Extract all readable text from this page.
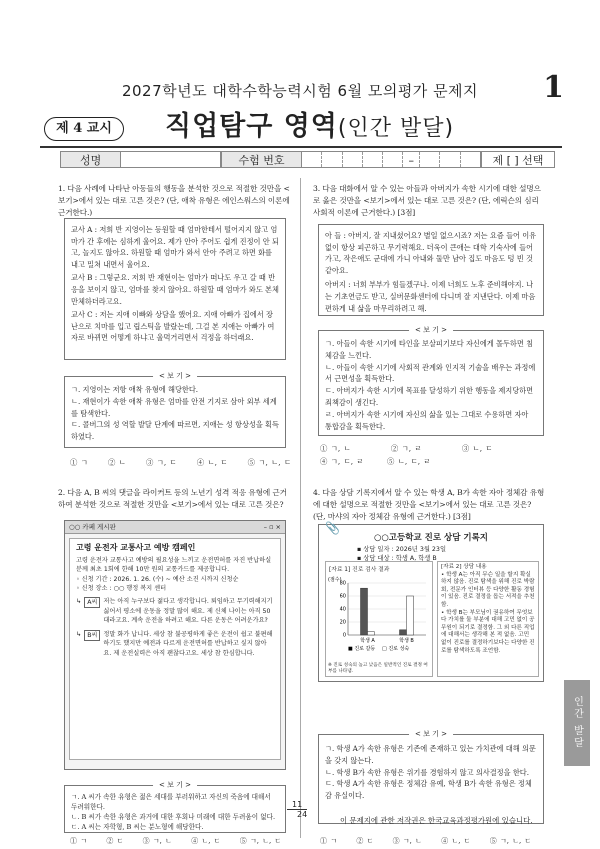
2027학년도 대학수학능력시험 6월 모의평가 문제지	1
제 4 교시	직업탐구 영역(인간 발달)
성명	수험 번호	–	제 [ ] 선택
1. 다음 사례에 나타난 아동들의 행동을 분석한 것으로 적절한 것만을 <보기>에서 있는 대로 고른 것은? (단, 애착 유형은 에인스워스의 이론에 근거한다.)

교사 A : 저희 반 지영이는 등원할 때 엄마한테서 떨어지지 않고 엄마가 간 후에는 심하게 울어요. 제가 안아 주어도 쉽게 진정이 안 되고, 놀지도 않아요. 하원할 때 엄마가 와서 안아 주려고 하면 화를 내고 밀쳐 내면서 울어요.

교사 B : 그렇군요. 저희 반 재현이는 엄마가 떠나도 우고 갈 때 반응을 보이지 않고, 엄마를 찾지 않아요. 하원할 때 엄마가 와도 본체만체하더라고요.

교사 C : 저는 지애 이빠와 상담을 했어요. 지애 아빠가 집에서 장난으로 치마를 입고 립스틱을 발랐는데, 그걸 본 지애는 아빠가 여자로 바뀌면 어떻게 하냐고 울먹거리면서 걱정을 하더래요.

< 보 기 >

ㄱ. 지영이는 저항 애착 유형에 해당한다.

ㄴ. 재현이가 속한 애착 유형은 엄마를 안전 기지로 삼아 외부 세계를 탐색한다.

ㄷ. 콜버그의 성 역할 발달 단계에 따르면, 지애는 성 항상성을 획득하였다.

① ㄱ      ② ㄴ      ③ ㄱ, ㄷ      ④ ㄴ, ㄷ      ⑤ ㄱ, ㄴ, ㄷ
2. 다음 A, B 씨의 댓글을 라이커트 등의 노년기 성격 적응 유형에 근거하여 분석한 것으로 적절한 것만을 <보기>에서 있는 대로 고른 것은?
○○ 카페 게시판	– ▫ ×
고령 운전자 교통사고 예방 캠페인
고령 운전자 교통사고 예방의 필요성을 느끼고 운전면허를 자진 반납하실 분께 최초 1회에 한해 10만 원의 교통카드를 제공합니다.
◦ 신청 기간 : 2026. 1. 26. (수) ~ 예산 소진 시까지 신청순
◦ 신청 장소 : ○○ 행정 복지 센터
↳ A씨 저는 아직 누구보다 젊다고 생각합니다. 퇴임하고 무기력해지기 싫어서 평소에 운동을 정말 많이 해요. 제 신체 나이는 아직 50대라고요. 계속 운전을 하려고 해요. 다른 운동은 어려운가요?
↳ B씨 정말 화가 납니다. 세상 참 불공평하게 좋은 운전이 쉽고 불편해하기도 했지만 예전과 다르게 운전면허를 반납하고 싶지 않아요. 제 운전실력은 아직 괜찮다고요. 세상 참 한심합니다.
< 보 기 >

ㄱ. A 씨가 속한 유형은 젊은 세대를 부러워하고 자신의 죽음에 대해서 두려워한다.

ㄴ. B 씨가 속한 유형은 과거에 대한 후회나 미래에 대한 두려움이 없다.

ㄷ. A 씨는 자학형, B 씨는 분노형에 해당한다.

① ㄱ      ② ㄷ      ③ ㄱ, ㄴ      ④ ㄴ, ㄷ      ⑤ ㄱ, ㄴ, ㄷ
3. 다음 대화에서 알 수 있는 아들과 아버지가 속한 시기에 대한 설명으로 옳은 것만을 <보기>에서 있는 대로 고른 것은? (단, 에릭슨의 심리사회적 이론에 근거한다.) [3점]

아 들 : 아버지, 잘 지내셨어요? 별일 없으시죠? 저는 요즘 들어 이유 없이 항상 피곤하고 무기력해요. 더욱이 큰애는 대학 기숙사에 들어가고, 작은애도 군대에 가니 아내와 둘만 남아 집도 마음도 텅 빈 것 같아요.

아버지 : 너희 부부가 힘들겠구나. 이제 너희도 노후 준비해야지. 나는 기초연금도 받고, 실버문화센터에 다니며 잘 지낸단다. 이제 마음 편하게 내 삶을 마무리하려고 해.

< 보 기 >

ㄱ. 아들이 속한 시기에 타인을 보살피기보다 자신에게 몰두하면 침체감을 느낀다.

ㄴ. 아들이 속한 시기에 사회적 관계와 인지적 기술을 배우는 과정에서 근면성을 획득한다.

ㄷ. 아버지가 속한 시기에 목표를 달성하기 위한 행동을 제지당하면 죄책감이 생긴다.

ㄹ. 아버지가 속한 시기에 자신의 삶을 있는 그대로 수용하면 자아 통합감을 획득한다.

① ㄱ, ㄴ            ② ㄱ, ㄹ            ③ ㄴ, ㄷ
④ ㄱ, ㄷ, ㄹ       ⑤ ㄴ, ㄷ, ㄹ
4. 다음 상담 기록지에서 알 수 있는 학생 A, B가 속한 자아 정체감 유형에 대한 설명으로 적절한 것만을 <보기>에서 있는 대로 고른 것은? (단, 마샤의 자아 정체감 유형에 근거한다.) [3점]
📎
○○고등학교 진로 상담 기록지
▪ 상담 일자 : 2026년 3월 23일
▪ 상담 대상 : 학생 A, 학생 B
[자료 1] 진로 검사 결과
(점수)
80
60
40
20
0
학생 A	학생 B
■ 진로 갈등 □ 진로 성숙
※ 진로 성숙의 높고 낮음은 일반적인 진로 결정 여부를 나타냄.
[자료 2] 상담 내용
• 학생 A는 아직 무슨 일을 할지 확실하지 않음. 진로 탐색을 위해 진로 박람회, 전문가 인터뷰 등 다양한 활동 경험이 있음. 진로 결정을 돕는 서적을 추천함.
• 학생 B는 부모님이 권유하여 무엇보다 가치를 둘 부분에 대해 고민 없이 공무원이 되기로 결정함. 그 외 다른 직업에 대해서는 생각해 본 적 없음. 고민 없이 진로를 결정하기보다는 다양한 진로를 탐색하도록 조언함.
< 보 기 >

ㄱ. 학생 A가 속한 유형은 기존에 존재하고 있는 가치관에 대해 의문을 갖지 않는다.

ㄴ. 학생 B가 속한 유형은 위기를 경험하지 않고 의사결정을 한다.

ㄷ. 학생 A가 속한 유형은 정체감 유예, 학생 B가 속한 유형은 정체감 유실이다.

① ㄱ      ② ㄷ      ③ ㄱ, ㄴ      ④ ㄴ, ㄷ      ⑤ ㄱ, ㄴ, ㄷ
인간 발달
11
24
이 문제지에 관한 저작권은 한국교육과정평가원에 있습니다.
